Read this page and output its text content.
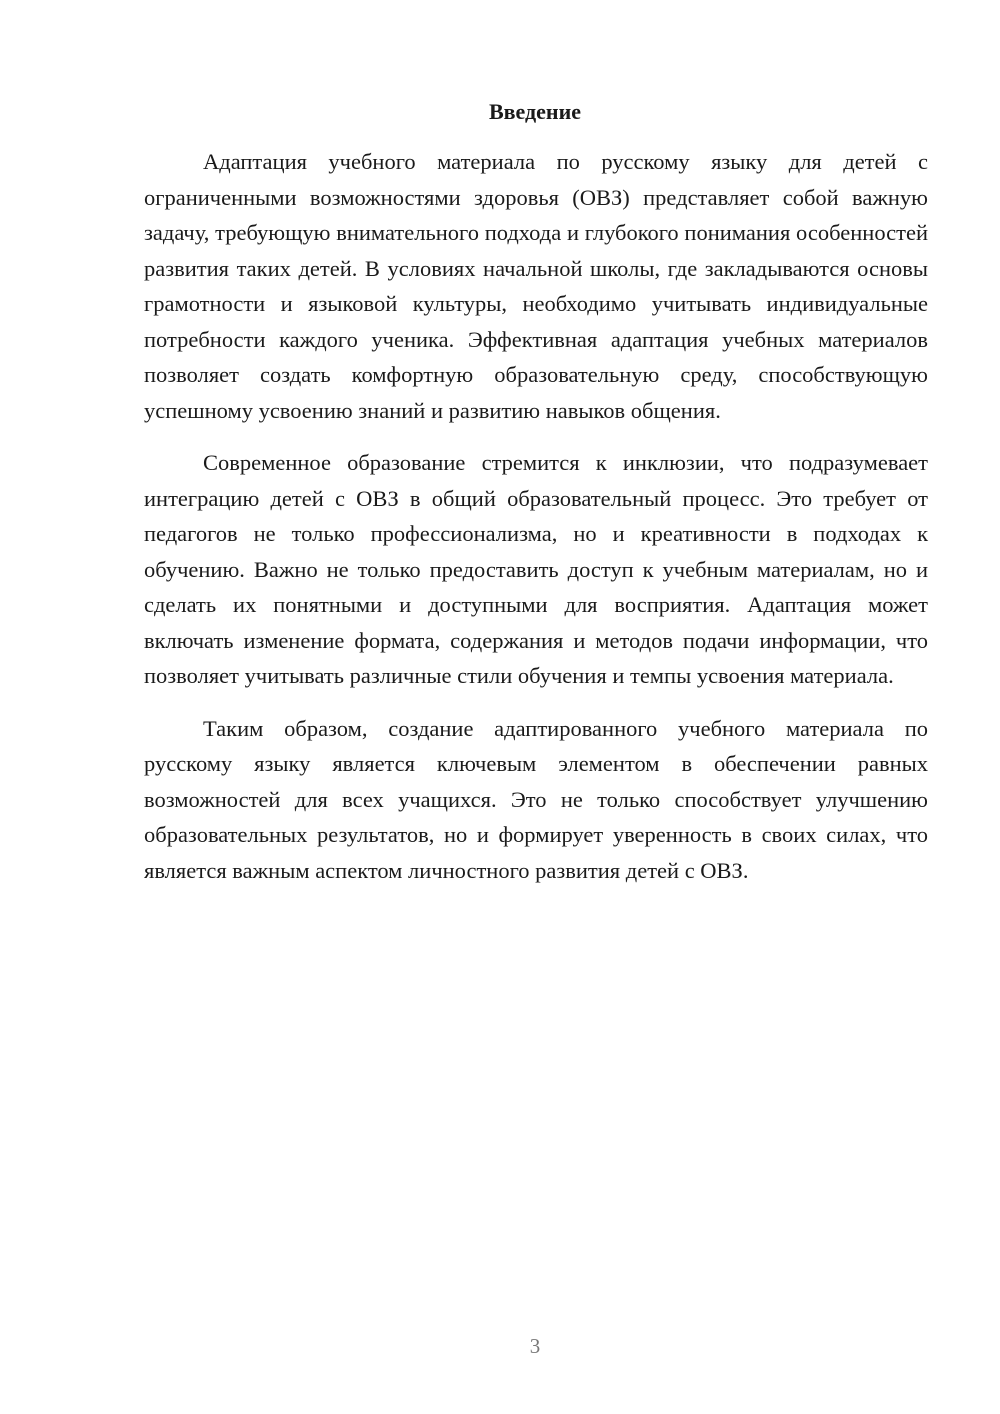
Введение

Адаптация учебного материала по русскому языку для детей с ограниченными возможностями здоровья (ОВЗ) представляет собой важную задачу, требующую внимательного подхода и глубокого понимания особенностей развития таких детей. В условиях начальной школы, где закладываются основы грамотности и языковой культуры, необходимо учитывать индивидуальные потребности каждого ученика. Эффективная адаптация учебных материалов позволяет создать комфортную образовательную среду, способствующую успешному усвоению знаний и развитию навыков общения.

Современное образование стремится к инклюзии, что подразумевает интеграцию детей с ОВЗ в общий образовательный процесс. Это требует от педагогов не только профессионализма, но и креативности в подходах к обучению. Важно не только предоставить доступ к учебным материалам, но и сделать их понятными и доступными для восприятия. Адаптация может включать изменение формата, содержания и методов подачи информации, что позволяет учитывать различные стили обучения и темпы усвоения материала.

Таким образом, создание адаптированного учебного материала по русскому языку является ключевым элементом в обеспечении равных возможностей для всех учащихся. Это не только способствует улучшению образовательных результатов, но и формирует уверенность в своих силах, что является важным аспектом личностного развития детей с ОВЗ.

3
